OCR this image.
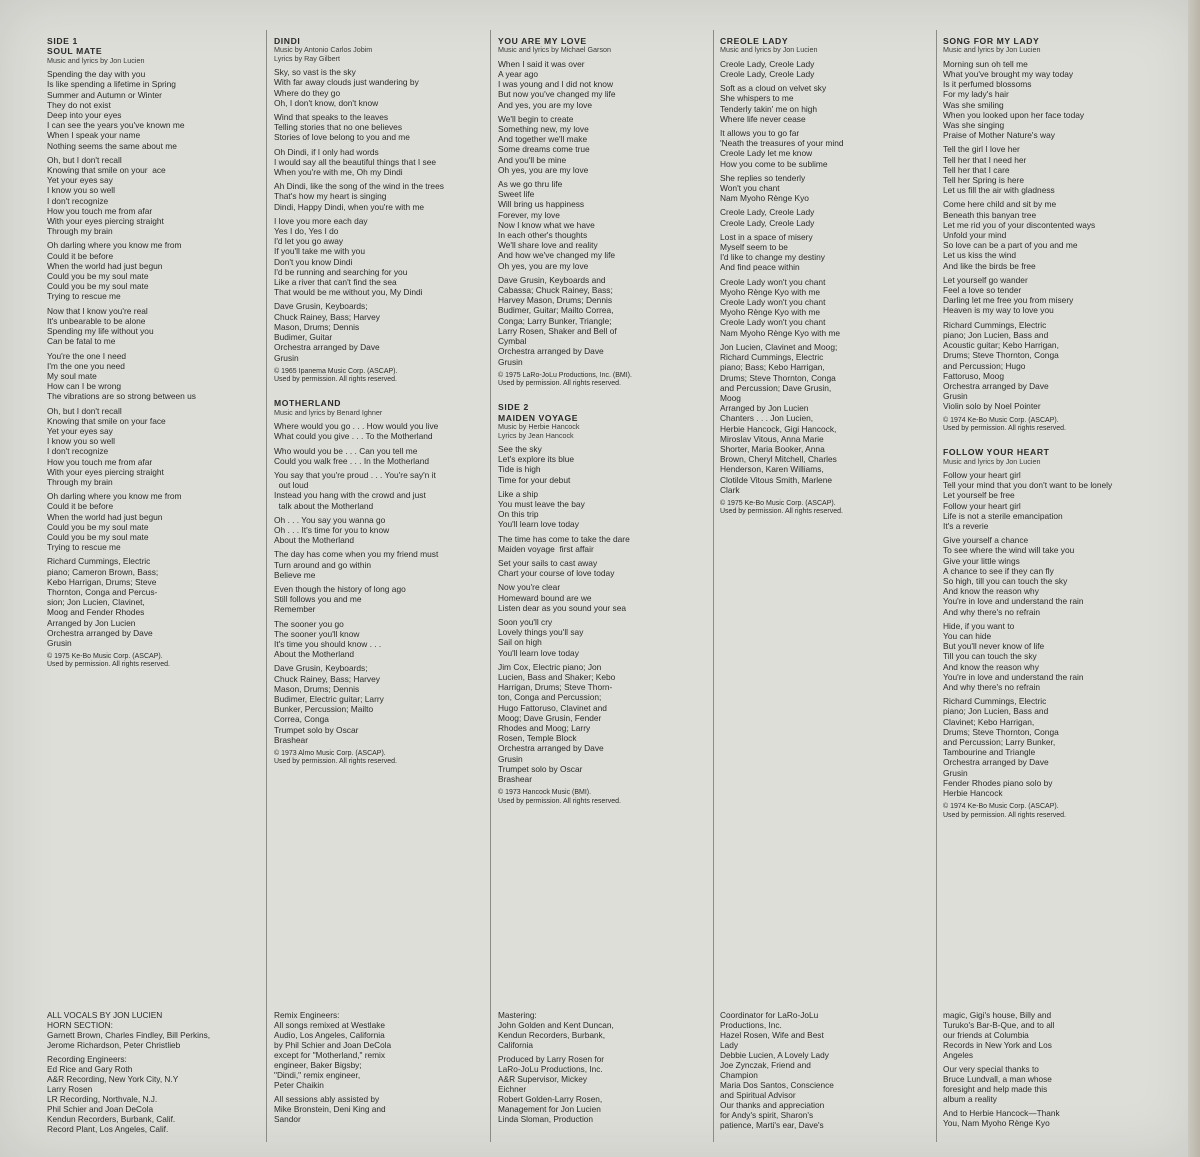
SIDE 1
SOUL MATE
Music and lyrics by Jon Lucien
Spending the day with you
Is like spending a lifetime in Spring
Summer and Autumn or Winter
They do not exist
Deep into your eyes
I can see the years you've known me
When I speak your name
Nothing seems the same about me
Oh, but I don't recall
Knowing that smile on your  ace
Yet your eyes say
I know you so well
I don't recognize
How you touch me from afar
With your eyes piercing straight
Through my brain
Oh darling where you know me from
Could it be before
When the world had just begun
Could you be my soul mate
Could you be my soul mate
Trying to rescue me
Now that I know you're real
It's unbearable to be alone
Spending my life without you
Can be fatal to me
You're the one I need
I'm the one you need
My soul mate
How can I be wrong
The vibrations are so strong between us
Oh, but I don't recall
Knowing that smile on your face
Yet your eyes say
I know you so well
I don't recognize
How you touch me from afar
With your eyes piercing straight
Through my brain
Oh darling where you know me from
Could it be before
When the world had just begun
Could you be my soul mate
Could you be my soul mate
Trying to rescue me
Richard Cummings, Electric
piano; Cameron Brown, Bass;
Kebo Harrigan, Drums; Steve
Thornton, Conga and Percus-
sion; Jon Lucien, Clavinet,
Moog and Fender Rhodes
Arranged by Jon Lucien
Orchestra arranged by Dave
Grusin
© 1975 Ke-Bo Music Corp. (ASCAP).
Used by permission. All rights reserved.
ALL VOCALS BY JON LUCIEN
HORN SECTION:
Garnett Brown, Charles Findley, Bill Perkins,
Jerome Richardson, Peter Christlieb
Recording Engineers:
Ed Rice and Gary Roth
A&R Recording, New York City, N.Y
Larry Rosen
LR Recording, Northvale, N.J.
Phil Schier and Joan DeCola
Kendun Recorders, Burbank, Calif.
Record Plant, Los Angeles, Calif.
DINDI
Music by Antonio Carlos Jobim
Lyrics by Ray Gilbert
Sky, so vast is the sky
With far away clouds just wandering by
Where do they go
Oh, I don't know, don't know
Wind that speaks to the leaves
Telling stories that no one believes
Stories of love belong to you and me
Oh Dindi, if I only had words
I would say all the beautiful things that I see
When you're with me, Oh my Dindi
Ah Dindi, like the song of the wind in the trees
That's how my heart is singing
Dindi, Happy Dindi, when you're with me
I love you more each day
Yes I do, Yes I do
I'd let you go away
If you'll take me with you
Don't you know Dindi
I'd be running and searching for you
Like a river that can't find the sea
That would be me without you, My Dindi
Dave Grusin, Keyboards;
Chuck Rainey, Bass; Harvey
Mason, Drums; Dennis
Budimer, Guitar
Orchestra arranged by Dave
Grusin
© 1965 Ipanema Music Corp. (ASCAP).
Used by permission. All rights reserved.
MOTHERLAND
Music and lyrics by Benard Ighner
Where would you go . . . How would you live
What could you give . . . To the Motherland
Who would you be . . . Can you tell me
Could you walk free . . . In the Motherland
You say that you're proud . . . You're say'n it
out loud
Instead you hang with the crowd and just
talk about the Motherland
Oh . . . You say you wanna go
Oh . . . It's time for you to know
About the Motherland
The day has come when you my friend must
Turn around and go within
Believe me
Even though the history of long ago
Still follows you and me
Remember
The sooner you go
The sooner you'll know
It's time you should know . . .
About the Motherland
Dave Grusin, Keyboards;
Chuck Rainey, Bass; Harvey
Mason, Drums; Dennis
Budimer, Electric guitar; Larry
Bunker, Percussion; Mailto
Correa, Conga
Trumpet solo by Oscar
Brashear
© 1973 Almo Music Corp. (ASCAP).
Used by permission. All rights reserved.
Remix Engineers:
All songs remixed at Westlake
Audio, Los Angeles, California
by Phil Schier and Joan DeCola
except for "Motherland," remix
engineer, Baker Bigsby;
"Dindi," remix engineer,
Peter Chaikin
All sessions ably assisted by
Mike Bronstein, Deni King and
Sandor
YOU ARE MY LOVE
Music and lyrics by Michael Garson
When I said it was over
A year ago
I was young and I did not know
But now you've changed my life
And yes, you are my love
We'll begin to create
Something new, my love
And together we'll make
Some dreams come true
And you'll be mine
Oh yes, you are my love
As we go thru life
Sweet life
Will bring us happiness
Forever, my love
Now I know what we have
In each other's thoughts
We'll share love and reality
And how we've changed my life
Oh yes, you are my love
Dave Grusin, Keyboards and
Cabassa; Chuck Rainey, Bass;
Harvey Mason, Drums; Dennis
Budimer, Guitar; Mailto Correa,
Conga; Larry Bunker, Triangle;
Larry Rosen, Shaker and Bell of
Cymbal
Orchestra arranged by Dave
Grusin
© 1975 LaRo-JoLu Productions, Inc. (BMI).
Used by permission. All rights reserved.
SIDE 2
MAIDEN VOYAGE
Music by Herbie Hancock
Lyrics by Jean Hancock
See the sky
Let's explore its blue
Tide is high
Time for your debut
Like a ship
You must leave the bay
On this trip
You'll learn love today
The time has come to take the dare
Maiden voyage  first affair
Set your sails to cast away
Chart your course of love today
Now you're clear
Homeward bound are we
Listen dear as you sound your sea
Soon you'll cry
Lovely things you'll say
Sail on high
You'll learn love today
Jim Cox, Electric piano; Jon
Lucien, Bass and Shaker; Kebo
Harrigan, Drums; Steve Thorn-
ton, Conga and Percussion;
Hugo Fattoruso, Clavinet and
Moog; Dave Grusin, Fender
Rhodes and Moog; Larry
Rosen, Temple Block
Orchestra arranged by Dave
Grusin
Trumpet solo by Oscar
Brashear
© 1973 Hancock Music (BMI).
Used by permission. All rights reserved.
Mastering:
John Golden and Kent Duncan,
Kendun Recorders, Burbank,
California
Produced by Larry Rosen for
LaRo-JoLu Productions, Inc.
A&R Supervisor, Mickey
Eichner
Robert Golden-Larry Rosen,
Management for Jon Lucien
Linda Sloman, Production
CREOLE LADY
Music and lyrics by Jon Lucien
Creole Lady, Creole Lady
Creole Lady, Creole Lady
Soft as a cloud on velvet sky
She whispers to me
Tenderly takin' me on high
Where life never cease
It allows you to go far
'Neath the treasures of your mind
Creole Lady let me know
How you come to be sublime
She replies so tenderly
Won't you chant
Nam Myoho Rènge Kyo
Creole Lady, Creole Lady
Creole Lady, Creole Lady
Lost in a space of misery
Myself seem to be
I'd like to change my destiny
And find peace within
Creole Lady won't you chant
Myoho Rènge Kyo with me
Creole Lady won't you chant
Myoho Rènge Kyo with me
Creole Lady won't you chant
Nam Myoho Rènge Kyo with me
Jon Lucien, Clavinet and Moog;
Richard Cummings, Electric
piano; Bass; Kebo Harrigan,
Drums; Steve Thornton, Conga
and Percussion; Dave Grusin,
Moog
Arranged by Jon Lucien
Chanters . . . Jon Lucien,
Herbie Hancock, Gigi Hancock,
Miroslav Vitous, Anna Marie
Shorter, Maria Booker, Anna
Brown, Cheryl Mitchell, Charles
Henderson, Karen Williams,
Clotilde Vitous Smith, Marlene
Clark
© 1975 Ke-Bo Music Corp. (ASCAP).
Used by permission. All rights reserved.
Coordinator for LaRo-JoLu
Productions, Inc.
Hazel Rosen, Wife and Best
Lady
Debbie Lucien, A Lovely Lady
Joe Zynczak, Friend and
Champion
Maria Dos Santos, Conscience
and Spiritual Advisor
Our thanks and appreciation
for Andy's spirit, Sharon's
patience, Marti's ear, Dave's
SONG FOR MY LADY
Music and lyrics by Jon Lucien
Morning sun oh tell me
What you've brought my way today
Is it perfumed blossoms
For my lady's hair
Was she smiling
When you looked upon her face today
Was she singing
Praise of Mother Nature's way
Tell the girl I love her
Tell her that I need her
Tell her that I care
Tell her Spring is here
Let us fill the air with gladness
Come here child and sit by me
Beneath this banyan tree
Let me rid you of your discontented ways
Unfold your mind
So love can be a part of you and me
Let us kiss the wind
And like the birds be free
Let yourself go wander
Feel a love so tender
Darling let me free you from misery
Heaven is my way to love you
Richard Cummings, Electric
piano; Jon Lucien, Bass and
Acoustic guitar; Kebo Harrigan,
Drums; Steve Thornton, Conga
and Percussion; Hugo
Fattoruso, Moog
Orchestra arranged by Dave
Grusin
Violin solo by Noel Pointer
© 1974 Ke-Bo Music Corp. (ASCAP).
Used by permission. All rights reserved.
FOLLOW YOUR HEART
Music and lyrics by Jon Lucien
Follow your heart girl
Tell your mind that you don't want to be lonely
Let yourself be free
Follow your heart girl
Life is not a sterile emancipation
It's a reverie
Give yourself a chance
To see where the wind will take you
Give your little wings
A chance to see if they can fly
So high, till you can touch the sky
And know the reason why
You're in love and understand the rain
And why there's no refrain
Hide, if you want to
You can hide
But you'll never know of life
Till you can touch the sky
And know the reason why
You're in love and understand the rain
And why there's no refrain
Richard Cummings, Electric
piano; Jon Lucien, Bass and
Clavinet; Kebo Harrigan,
Drums; Steve Thornton, Conga
and Percussion; Larry Bunker,
Tambourine and Triangle
Orchestra arranged by Dave
Grusin
Fender Rhodes piano solo by
Herbie Hancock
© 1974 Ke-Bo Music Corp. (ASCAP).
Used by permission. All rights reserved.
magic, Gigi's house, Billy and
Turuko's Bar-B-Que, and to all
our friends at Columbia
Records in New York and Los
Angeles
Our very special thanks to
Bruce Lundvall, a man whose
foresight and help made this
album a reality
And to Herbie Hancock—Thank
You, Nam Myoho Rènge Kyo
